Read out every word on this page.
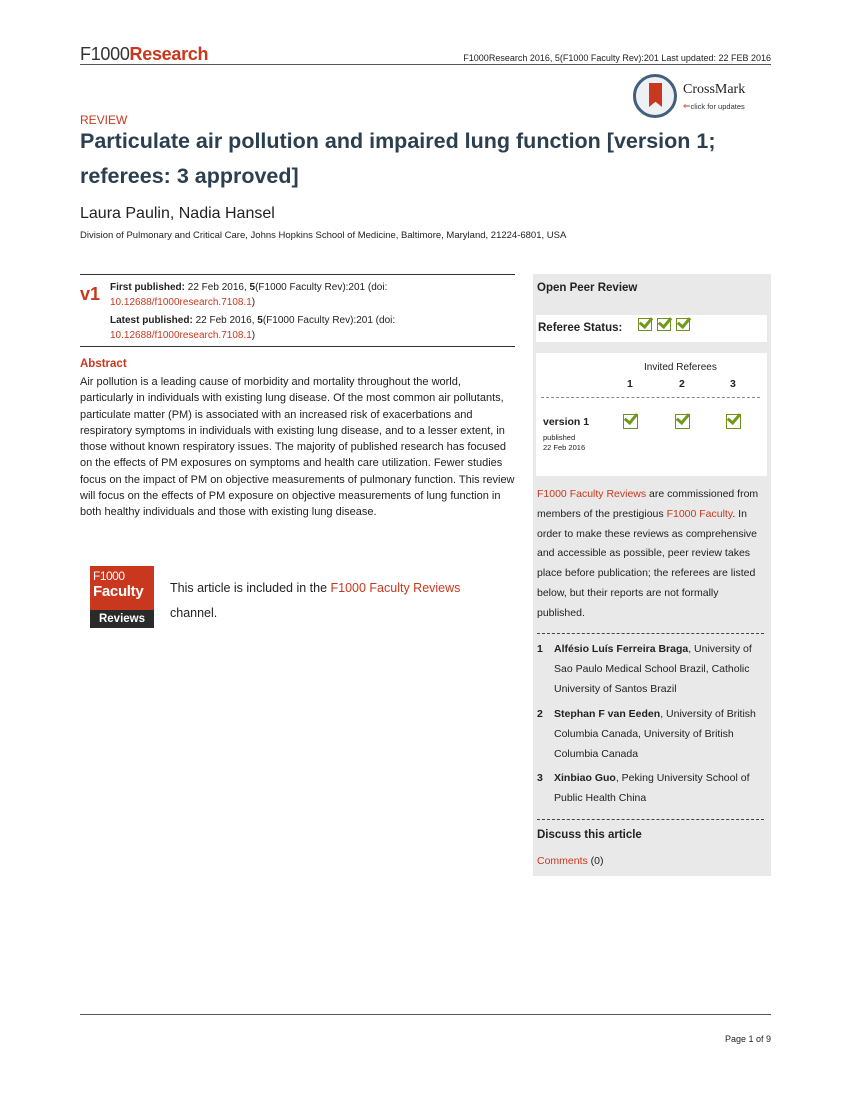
F1000Research	F1000Research 2016, 5(F1000 Faculty Rev):201 Last updated: 22 FEB 2016
CrossMark
⇐click for updates
REVIEW
Particulate air pollution and impaired lung function [version 1; referees: 3 approved]
Laura Paulin, Nadia Hansel
Division of Pulmonary and Critical Care, Johns Hopkins School of Medicine, Baltimore, Maryland, 21224-6801, USA
v1 First published: 22 Feb 2016, 5(F1000 Faculty Rev):201 (doi:
10.12688/f1000research.7108.1)
Latest published: 22 Feb 2016, 5(F1000 Faculty Rev):201 (doi:
10.12688/f1000research.7108.1)
Abstract

Air pollution is a leading cause of morbidity and mortality throughout the world, particularly in individuals with existing lung disease. Of the most common air pollutants, particulate matter (PM) is associated with an increased risk of exacerbations and respiratory symptoms in individuals with existing lung disease, and to a lesser extent, in those without known respiratory issues. The majority of published research has focused on the effects of PM exposures on symptoms and health care utilization. Fewer studies focus on the impact of PM on objective measurements of pulmonary function. This review will focus on the effects of PM exposure on objective measurements of lung function in both healthy individuals and those with existing lung disease.

F1000
Faculty
Reviews

This article is included in the F1000 Faculty Reviews channel.

Open Peer Review
Referee Status:
Invited Referees
1	2	3
version 1
published
22 Feb 2016

F1000 Faculty Reviews are commissioned from members of the prestigious F1000 Faculty. In order to make these reviews as comprehensive and accessible as possible, peer review takes place before publication; the referees are listed below, but their reports are not formally published.

1 Alfésio Luís Ferreira Braga, University of Sao Paulo Medical School Brazil, Catholic University of Santos Brazil
2 Stephan F van Eeden, University of British Columbia Canada, University of British Columbia Canada
3 Xinbiao Guo, Peking University School of Public Health China
Discuss this article
Comments (0)
Page 1 of 9
